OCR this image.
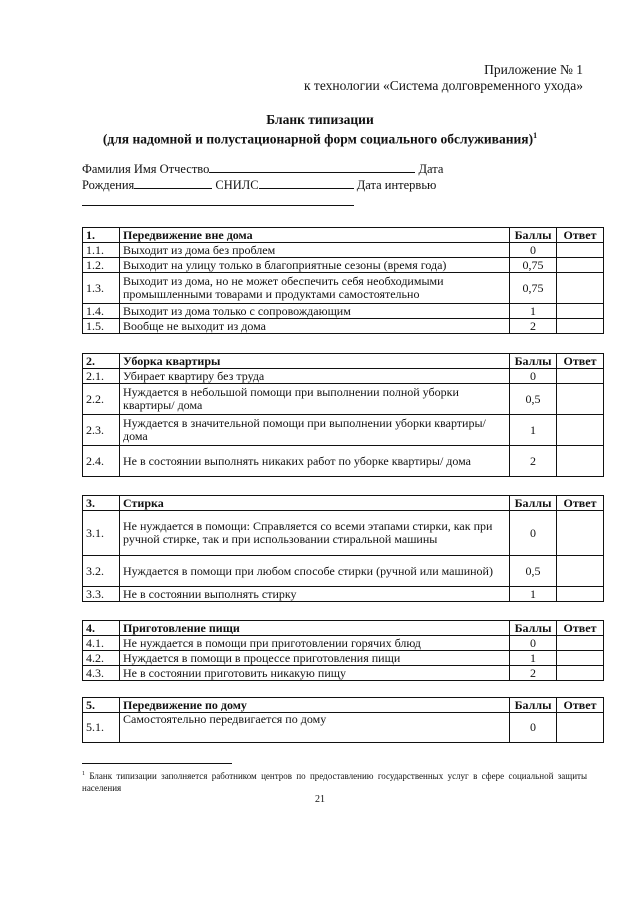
Приложение № 1
к технологии «Система долговременного ухода»
Бланк типизации
(для надомной и полустационарной форм социального обслуживания)$^1$
Фамилия Имя Отчество	Дата
Рождения	СНИЛС	Дата интервью
1.	Передвижение вне дома	Баллы	Ответ
1.1.	Выходит из дома без проблем	0	
1.2.	Выходит на улицу только в благоприятные сезоны (время года)	0,75	
1.3.	Выходит из дома, но не может обеспечить себя необходимыми промышленными товарами и продуктами самостоятельно	0,75	
1.4.	Выходит из дома только с сопровождающим	1	
1.5.	Вообще не выходит из дома	2	
2.	Уборка квартиры	Баллы	Ответ
2.1.	Убирает квартиру без труда	0	
2.2.	Нуждается в небольшой помощи при выполнении полной уборки квартиры/ дома	0,5	
2.3.	Нуждается в значительной помощи при выполнении уборки квартиры/ дома	1	
2.4.	Не в состоянии выполнять никаких работ по уборке квартиры/ дома	2	
3.	Стирка	Баллы	Ответ
3.1.	Не нуждается в помощи: Справляется со всеми этапами стирки, как при ручной стирке, так и при использовании стиральной машины	0	
3.2.	Нуждается в помощи при любом способе стирки (ручной или машиной)	0,5	
3.3.	Не в состоянии выполнять стирку	1	
4.	Приготовление пищи	Баллы	Ответ
4.1.	Не нуждается в помощи при приготовлении горячих блюд	0	
4.2.	Нуждается в помощи в процессе приготовления пищи	1	
4.3.	Не в состоянии приготовить никакую пищу	2	
5.	Передвижение по дому	Баллы	Ответ
5.1.	Самостоятельно передвигается по дому	0	
$^1$ Бланк типизации заполняется работником центров по предоставлению государственных услуг в сфере социальной защиты населения
21
